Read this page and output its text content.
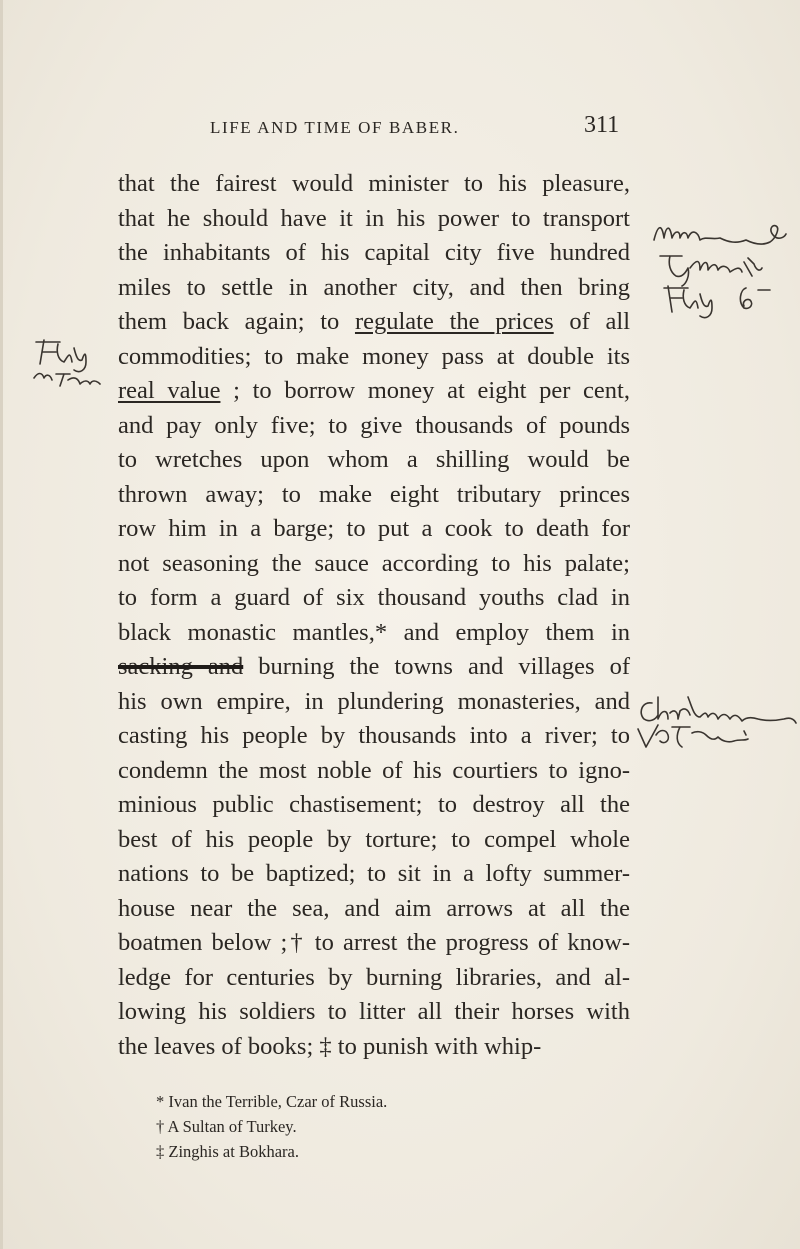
LIFE AND TIME OF BABER.	311
that the fairest would minister to his pleasure,
that he should have it in his power to transport
the inhabitants of his capital city five hundred
miles to settle in another city, and then bring
them back again; to regulate the prices of all
commodities; to make money pass at double its
real value ; to borrow money at eight per cent,
and pay only five; to give thousands of pounds
to wretches upon whom a shilling would be
thrown away; to make eight tributary princes
row him in a barge; to put a cook to death for
not seasoning the sauce according to his palate;
to form a guard of six thousand youths clad in
black monastic mantles,* and employ them in
sacking and burning the towns and villages of
his own empire, in plundering monasteries, and
casting his people by thousands into a river; to
condemn the most noble of his courtiers to igno-
minious public chastisement; to destroy all the
best of his people by torture; to compel whole
nations to be baptized; to sit in a lofty summer-
house near the sea, and aim arrows at all the
boatmen below ;† to arrest the progress of know-
ledge for centuries by burning libraries, and al-
lowing his soldiers to litter all their horses with
the leaves of books; ‡ to punish with whip-
* Ivan the Terrible, Czar of Russia.
† A Sultan of Turkey.
‡ Zinghis at Bokhara.
